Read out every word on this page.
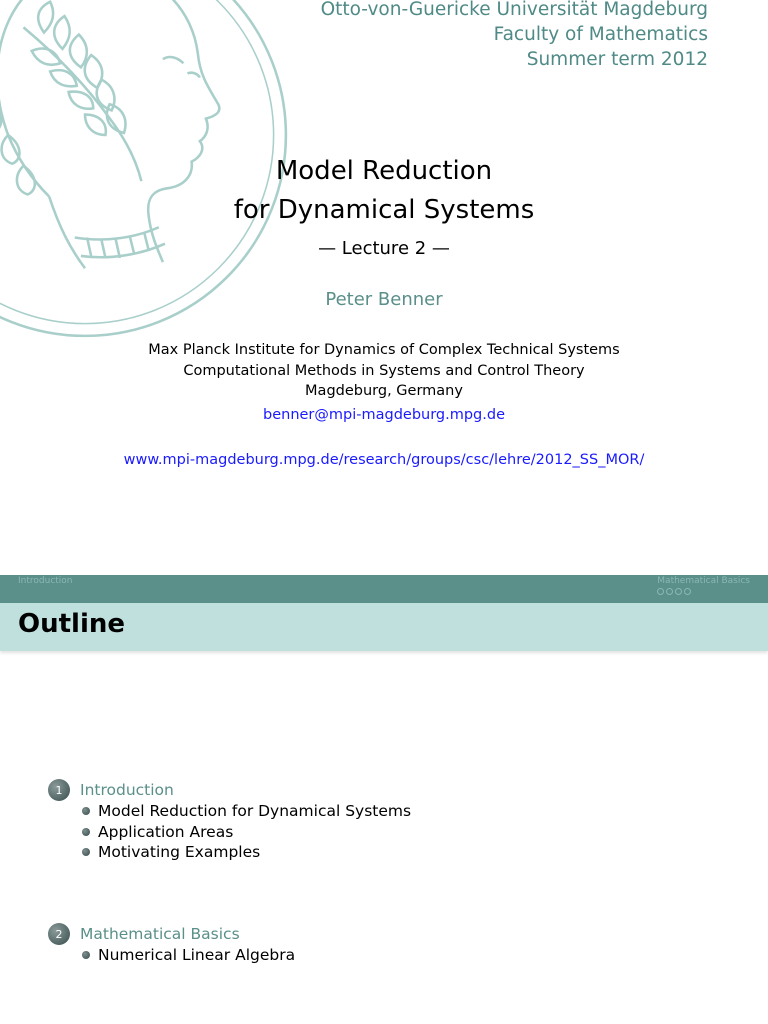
Otto-von-Guericke Universität Magdeburg
Faculty of Mathematics
Summer term 2012
Model Reduction
for Dynamical Systems
— Lecture 2 —
Peter Benner
Max Planck Institute for Dynamics of Complex Technical Systems
Computational Methods in Systems and Control Theory
Magdeburg, Germany
benner@mpi-magdeburg.mpg.de
www.mpi-magdeburg.mpg.de/research/groups/csc/lehre/2012_SS_MOR/
Introduction	Mathematical Basics
Outline
1	Introduction
Model Reduction for Dynamical Systems
Application Areas
Motivating Examples
2	Mathematical Basics
Numerical Linear Algebra
